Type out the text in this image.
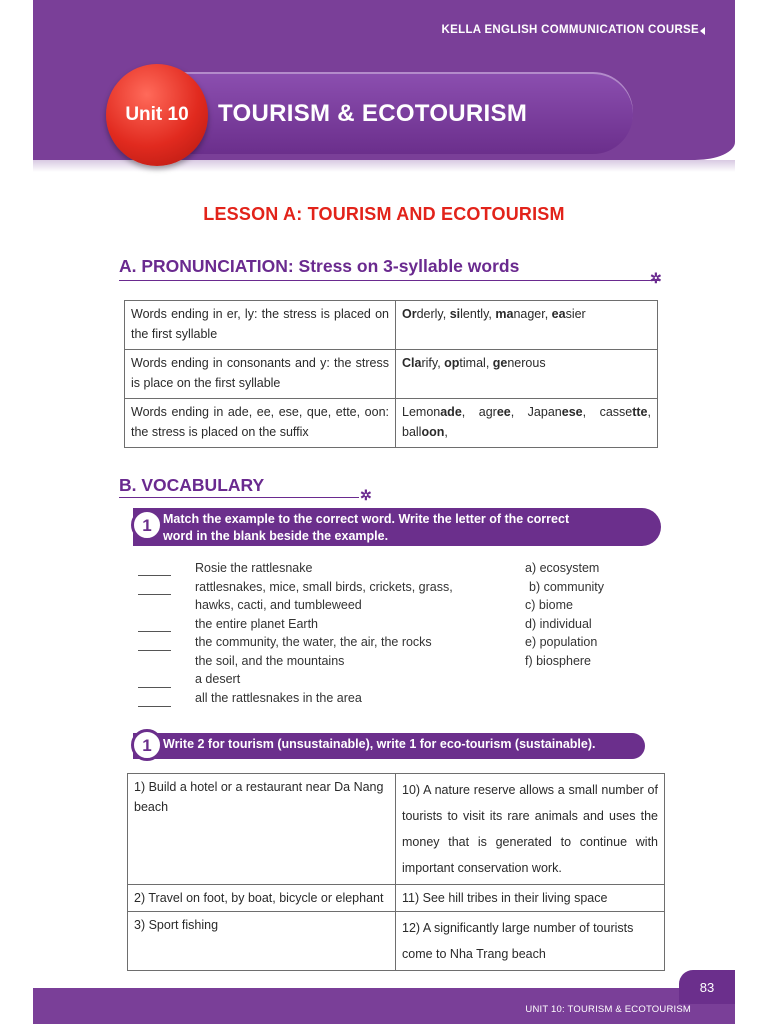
KELLA ENGLISH COMMUNICATION COURSE
Unit 10	TOURISM & ECOTOURISM
LESSON A: TOURISM AND ECOTOURISM
A. PRONUNCIATION: Stress on 3-syllable words
✲
Words ending in er, ly: the stress is placed on the first syllable	Orderly, silently, manager, easier
Words ending in consonants and y: the stress is place on the first syllable	Clarify, optimal, generous
Words ending in ade, ee, ese, que, ette, oon: the stress is placed on the suffix	Lemonade, agree, Japanese, cassette, balloon,
B. VOCABULARY	✲
1 Match the example to the correct word. Write the letter of the correct
word in the blank beside the example.
Rosie the rattlesnake
rattlesnakes, mice, small birds, crickets, grass,
hawks, cacti, and tumbleweed
the entire planet Earth
the community, the water, the air, the rocks
the soil, and the mountains
a desert
all the rattlesnakes in the area
a) ecosystem
b) community
c) biome
d) individual
e) population
f) biosphere
1 Write 2 for tourism (unsustainable), write 1 for eco-tourism (sustainable).
1) Build a hotel or a restaurant near Da Nang beach	10) A nature reserve allows a small number of tourists to visit its rare animals and uses the money that is generated to continue with important conservation work.
2) Travel on foot, by boat, bicycle or elephant	11) See hill tribes in their living space
3) Sport fishing	12) A significantly large number of tourists come to Nha Trang beach
83
UNIT 10: TOURISM & ECOTOURISM
